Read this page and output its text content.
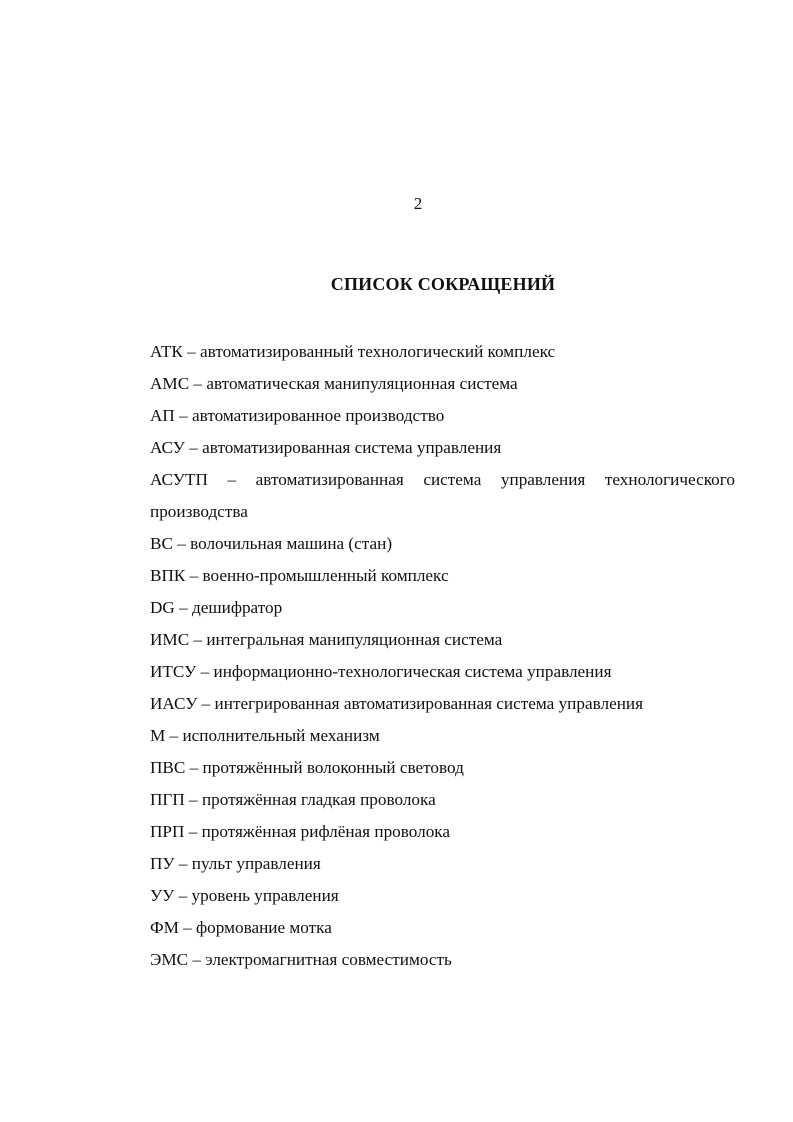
2
СПИСОК СОКРАЩЕНИЙ
АТК – автоматизированный технологический комплекс
АМС – автоматическая манипуляционная система
АП – автоматизированное производство
АСУ – автоматизированная система управления
АСУТП – автоматизированная система управления технологического производства
ВС – волочильная машина (стан)
ВПК – военно-промышленный комплекс
DG – дешифратор
ИМС – интегральная манипуляционная система
ИТСУ – информационно-технологическая система управления
ИАСУ – интегрированная автоматизированная система управления
М – исполнительный механизм
ПВС – протяжённый волоконный световод
ПГП – протяжённая гладкая проволока
ПРП – протяжённая рифлёная проволока
ПУ – пульт управления
УУ – уровень управления
ФМ – формование мотка
ЭМС – электромагнитная совместимость
